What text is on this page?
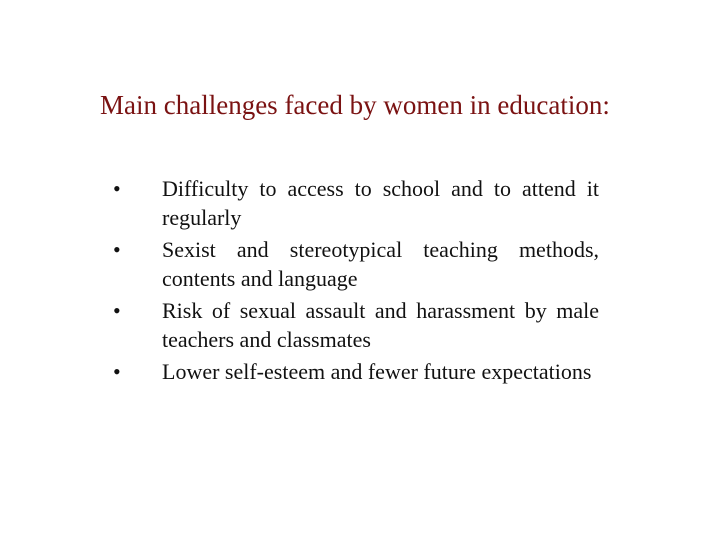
Main challenges faced by women in education:
•	Difficulty to access to school and to attend it regularly
•	Sexist and stereotypical teaching methods, contents and language
•	Risk of sexual assault and harassment by male teachers and classmates
•	Lower self-esteem and fewer future expectations
